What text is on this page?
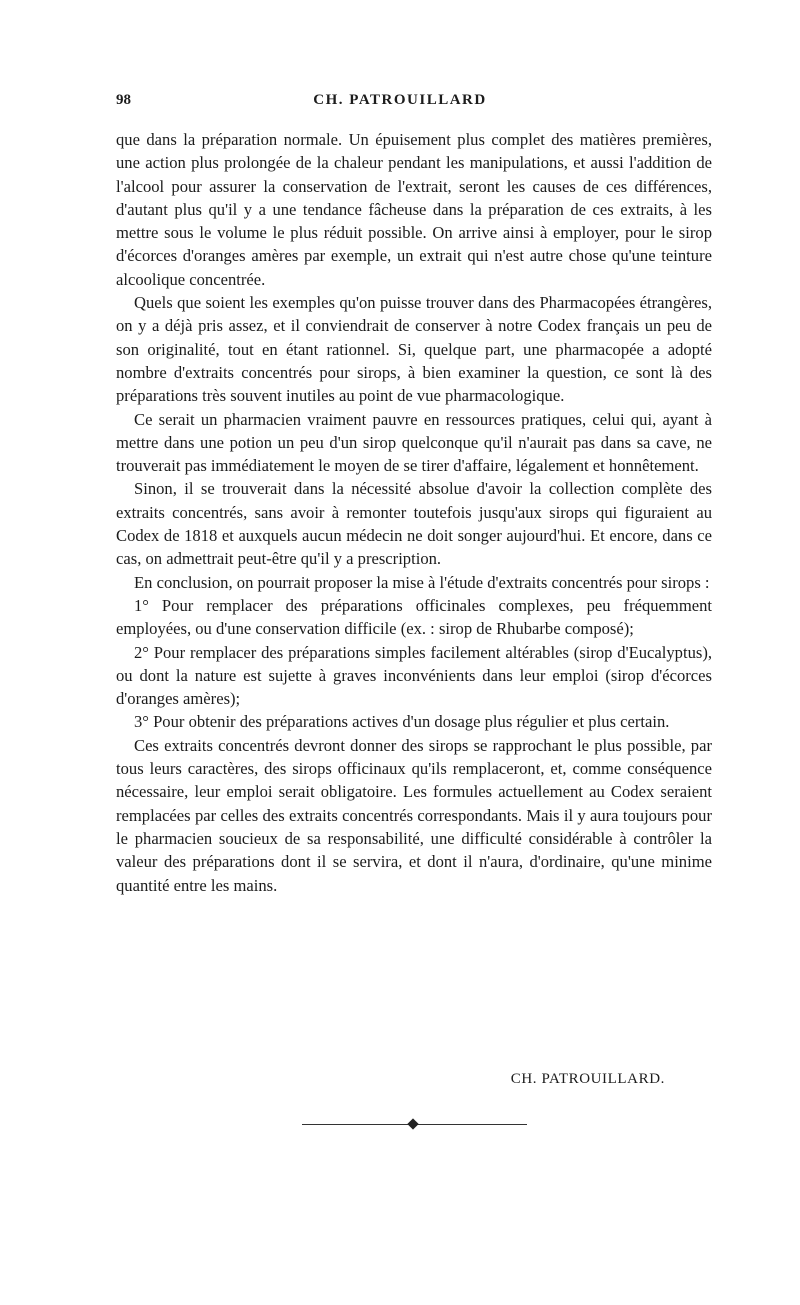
98	CH. PATROUILLARD

que dans la préparation normale. Un épuisement plus complet des matières premières, une action plus prolongée de la chaleur pendant les manipulations, et aussi l'addition de l'alcool pour assurer la conservation de l'extrait, seront les causes de ces différences, d'autant plus qu'il y a une tendance fâcheuse dans la préparation de ces extraits, à les mettre sous le volume le plus réduit possible. On arrive ainsi à employer, pour le sirop d'écorces d'oranges amères par exemple, un extrait qui n'est autre chose qu'une teinture alcoolique concentrée.

Quels que soient les exemples qu'on puisse trouver dans des Pharmacopées étrangères, on y a déjà pris assez, et il conviendrait de conserver à notre Codex français un peu de son originalité, tout en étant rationnel. Si, quelque part, une pharmacopée a adopté nombre d'extraits concentrés pour sirops, à bien examiner la question, ce sont là des préparations très souvent inutiles au point de vue pharmacologique.

Ce serait un pharmacien vraiment pauvre en ressources pratiques, celui qui, ayant à mettre dans une potion un peu d'un sirop quelconque qu'il n'aurait pas dans sa cave, ne trouverait pas immédiatement le moyen de se tirer d'affaire, légalement et honnêtement.

Sinon, il se trouverait dans la nécessité absolue d'avoir la collection complète des extraits concentrés, sans avoir à remonter toutefois jusqu'aux sirops qui figuraient au Codex de 1818 et auxquels aucun médecin ne doit songer aujourd'hui. Et encore, dans ce cas, on admettrait peut-être qu'il y a prescription.

En conclusion, on pourrait proposer la mise à l'étude d'extraits concentrés pour sirops :

1° Pour remplacer des préparations officinales complexes, peu fréquemment employées, ou d'une conservation difficile (ex. : sirop de Rhubarbe composé);

2° Pour remplacer des préparations simples facilement altérables (sirop d'Eucalyptus), ou dont la nature est sujette à graves inconvénients dans leur emploi (sirop d'écorces d'oranges amères);

3° Pour obtenir des préparations actives d'un dosage plus régulier et plus certain.

Ces extraits concentrés devront donner des sirops se rapprochant le plus possible, par tous leurs caractères, des sirops officinaux qu'ils remplaceront, et, comme conséquence nécessaire, leur emploi serait obligatoire. Les formules actuellement au Codex seraient remplacées par celles des extraits concentrés correspondants. Mais il y aura toujours pour le pharmacien soucieux de sa responsabilité, une difficulté considérable à contrôler la valeur des préparations dont il se servira, et dont il n'aura, d'ordinaire, qu'une minime quantité entre les mains.

CH. PATROUILLARD.
